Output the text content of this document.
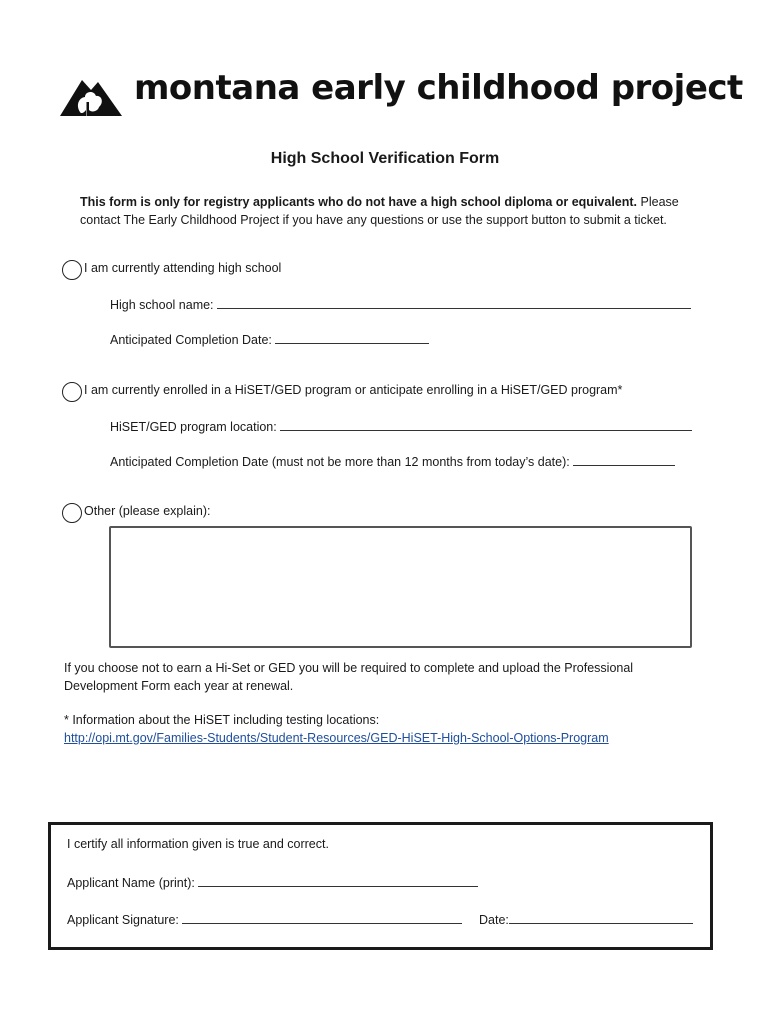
montana early childhood project
High School Verification Form
This form is only for registry applicants who do not have a high school diploma or equivalent. Please contact The Early Childhood Project if you have any questions or use the support button to submit a ticket.
I am currently attending high school
High school name:
Anticipated Completion Date:
I am currently enrolled in a HiSET/GED program or anticipate enrolling in a HiSET/GED program*
HiSET/GED program location:
Anticipated Completion Date (must not be more than 12 months from today’s date):
Other (please explain):
If you choose not to earn a Hi-Set or GED you will be required to complete and upload the Professional Development Form each year at renewal.
* Information about the HiSET including testing locations:
http://opi.mt.gov/Families-Students/Student-Resources/GED-HiSET-High-School-Options-Program
I certify all information given is true and correct.
Applicant Name (print):
Applicant Signature:	Date:
